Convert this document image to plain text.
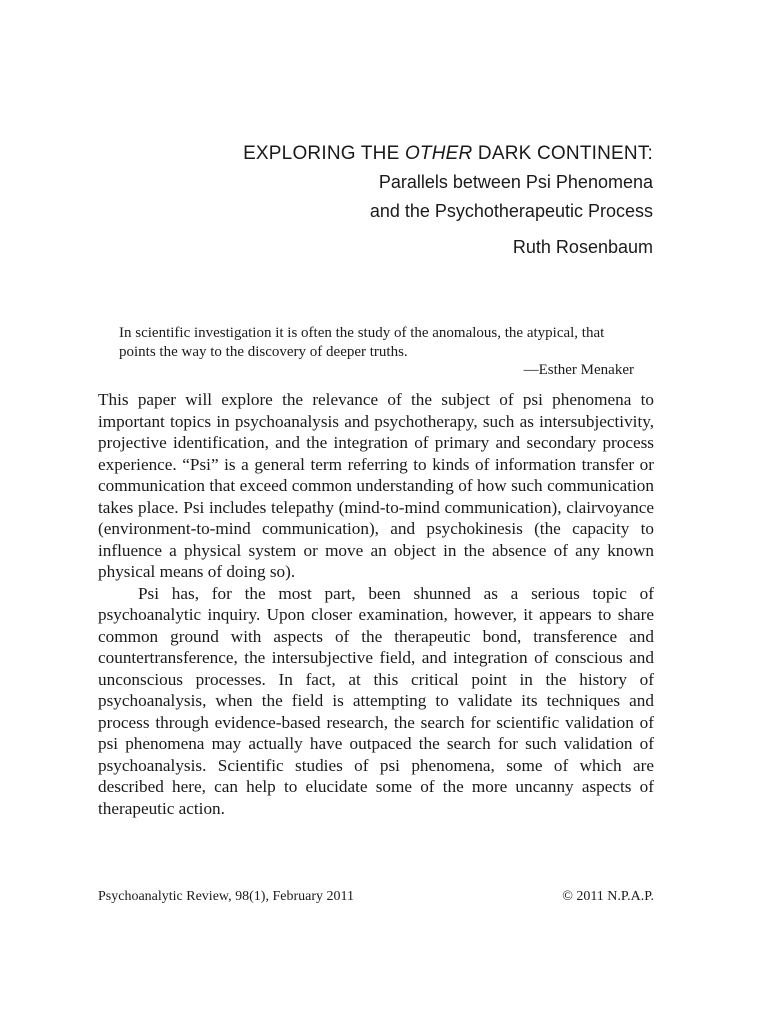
EXPLORING THE OTHER DARK CONTINENT:
Parallels between Psi Phenomena
and the Psychotherapeutic Process
Ruth Rosenbaum
In scientific investigation it is often the study of the anomalous, the atypical, that points the way to the discovery of deeper truths.
—Esther Menaker

This paper will explore the relevance of the subject of psi phenomena to important topics in psychoanalysis and psychotherapy, such as intersubjectivity, projective identification, and the integration of primary and secondary process experience. “Psi” is a general term referring to kinds of information transfer or communication that exceed common understanding of how such communication takes place. Psi includes telepathy (mind-to-mind communication), clairvoyance (environment-to-mind communication), and psychokinesis (the capacity to influence a physical system or move an object in the absence of any known physical means of doing so).

Psi has, for the most part, been shunned as a serious topic of psychoanalytic inquiry. Upon closer examination, however, it appears to share common ground with aspects of the therapeutic bond, transference and countertransference, the intersubjective field, and integration of conscious and unconscious processes. In fact, at this critical point in the history of psychoanalysis, when the field is attempting to validate its techniques and process through evidence-based research, the search for scientific validation of psi phenomena may actually have outpaced the search for such validation of psychoanalysis. Scientific studies of psi phenomena, some of which are described here, can help to elucidate some of the more uncanny aspects of therapeutic action.

Psychoanalytic Review, 98(1), February 2011	© 2011 N.P.A.P.
